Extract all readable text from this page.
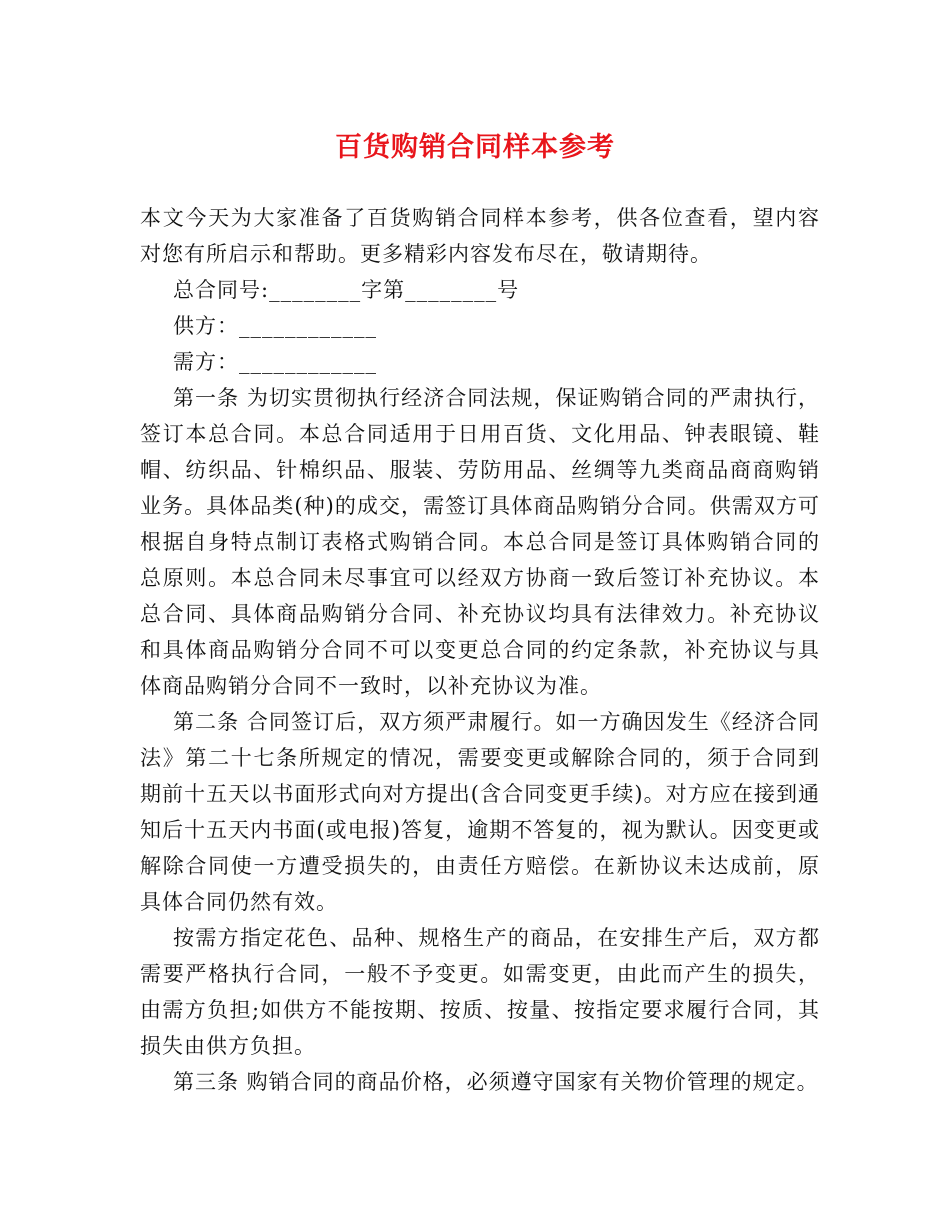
百货购销合同样本参考

本文今天为大家准备了百货购销合同样本参考，供各位查看，望内容对您有所启示和帮助。更多精彩内容发布尽在，敬请期待。

总合同号:________字第________号

供方：____________

需方：____________

第一条 为切实贯彻执行经济合同法规，保证购销合同的严肃执行，签订本总合同。本总合同适用于日用百货、文化用品、钟表眼镜、鞋帽、纺织品、针棉织品、服装、劳防用品、丝绸等九类商品商商购销业务。具体品类(种)的成交，需签订具体商品购销分合同。供需双方可根据自身特点制订表格式购销合同。本总合同是签订具体购销合同的总原则。本总合同未尽事宜可以经双方协商一致后签订补充协议。本总合同、具体商品购销分合同、补充协议均具有法律效力。补充协议和具体商品购销分合同不可以变更总合同的约定条款，补充协议与具体商品购销分合同不一致时，以补充协议为准。

第二条 合同签订后，双方须严肃履行。如一方确因发生《经济合同法》第二十七条所规定的情况，需要变更或解除合同的，须于合同到期前十五天以书面形式向对方提出(含合同变更手续)。对方应在接到通知后十五天内书面(或电报)答复，逾期不答复的，视为默认。因变更或解除合同使一方遭受损失的，由责任方赔偿。在新协议未达成前，原具体合同仍然有效。

按需方指定花色、品种、规格生产的商品，在安排生产后，双方都需要严格执行合同，一般不予变更。如需变更，由此而产生的损失，由需方负担;如供方不能按期、按质、按量、按指定要求履行合同，其损失由供方负担。

第三条 购销合同的商品价格，必须遵守国家有关物价管理的规定。
